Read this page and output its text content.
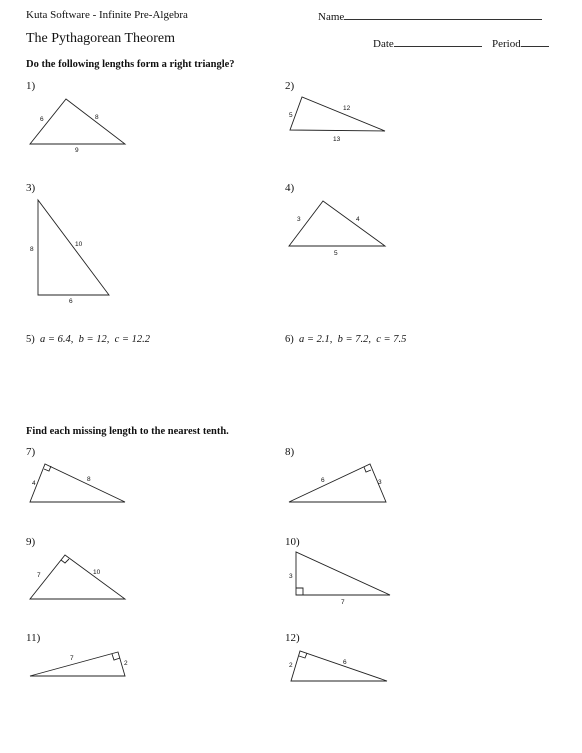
Kuta Software - Infinite Pre-Algebra	Name
The Pythagorean Theorem	Date	Period
Do the following lengths form a right triangle?
1)	2)
3)	4)
5)  a = 6.4,  b = 12,  c = 12.2	6)  a = 2.1,  b = 7.2,  c = 7.5
Find each missing length to the nearest tenth.
7)	8)
9)	10)
11)	12)
6	8
9
5
12
13
8
10
6
3	4
5
4
8	6	3
7	10
3
7
7
2	2	6
